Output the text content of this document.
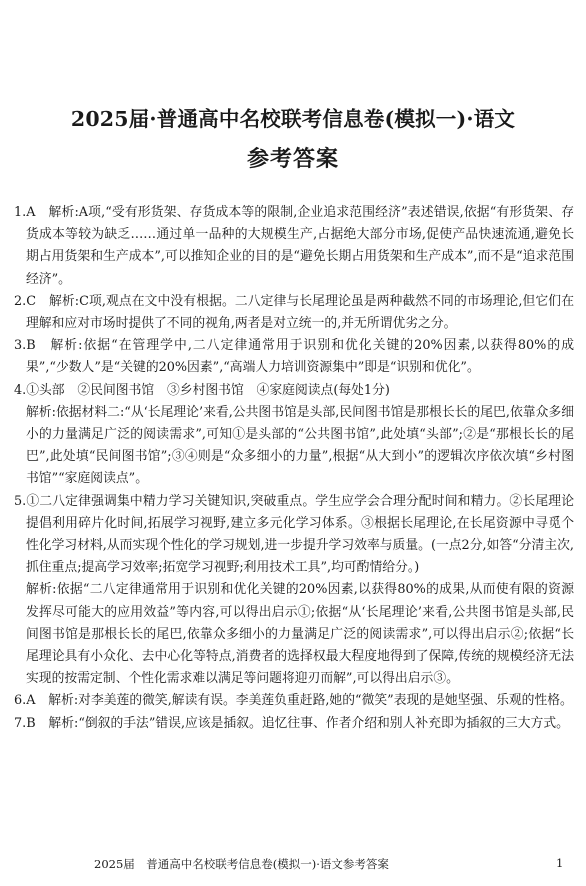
2025届·普通高中名校联考信息卷(模拟一)·语文
参考答案

1.A　解析:A项,“受有形货架、存货成本等的限制,企业追求范围经济”表述错误,依据“有形货架、存货成本等较为缺乏……通过单一品种的大规模生产,占据绝大部分市场,促使产品快速流通,避免长期占用货架和生产成本”,可以推知企业的目的是“避免长期占用货架和生产成本”,而不是“追求范围经济”。

2.C　解析:C项,观点在文中没有根据。二八定律与长尾理论虽是两种截然不同的市场理论,但它们在理解和应对市场时提供了不同的视角,两者是对立统一的,并无所谓优劣之分。

3.B　解析:依据“在管理学中,二八定律通常用于识别和优化关键的20%因素,以获得80%的成果”,“少数人”是“关键的20%因素”,“高端人力培训资源集中”即是“识别和优化”。

4.①头部　②民间图书馆　③乡村图书馆　④家庭阅读点(每处1分)

解析:依据材料二:“从‘长尾理论’来看,公共图书馆是头部,民间图书馆是那根长长的尾巴,依靠众多细小的力量满足广泛的阅读需求”,可知①是头部的“公共图书馆”,此处填“头部”;②是“那根长长的尾巴”,此处填“民间图书馆”;③④则是“众多细小的力量”,根据“从大到小”的逻辑次序依次填“乡村图书馆”“家庭阅读点”。

5.①二八定律强调集中精力学习关键知识,突破重点。学生应学会合理分配时间和精力。②长尾理论提倡利用碎片化时间,拓展学习视野,建立多元化学习体系。③根据长尾理论,在长尾资源中寻觅个性化学习材料,从而实现个性化的学习规划,进一步提升学习效率与质量。(一点2分,如答“分清主次,抓住重点;提高学习效率;拓宽学习视野;利用技术工具”,均可酌情给分。)

解析:依据“二八定律通常用于识别和优化关键的20%因素,以获得80%的成果,从而使有限的资源发挥尽可能大的应用效益”等内容,可以得出启示①;依据“从‘长尾理论’来看,公共图书馆是头部,民间图书馆是那根长长的尾巴,依靠众多细小的力量满足广泛的阅读需求”,可以得出启示②;依据“长尾理论具有小众化、去中心化等特点,消费者的选择权最大程度地得到了保障,传统的规模经济无法实现的按需定制、个性化需求难以满足等问题将迎刃而解”,可以得出启示③。

6.A　解析:对李美莲的微笑,解读有误。李美莲负重赶路,她的“微笑”表现的是她坚强、乐观的性格。

7.B　解析:“倒叙的手法”错误,应该是插叙。追忆往事、作者介绍和别人补充即为插叙的三大方式。

2025届　普通高中名校联考信息卷(模拟一)·语文参考答案	1
